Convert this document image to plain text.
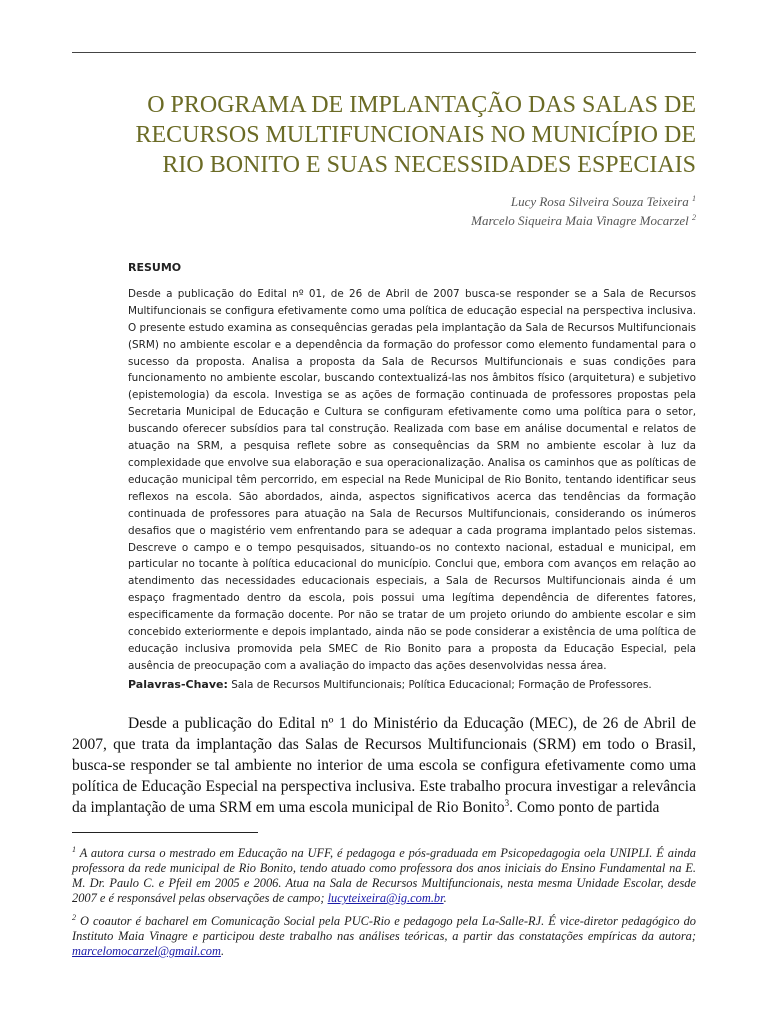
O PROGRAMA DE IMPLANTAÇÃO DAS SALAS DE
RECURSOS MULTIFUNCIONAIS NO MUNICÍPIO DE
RIO BONITO E SUAS NECESSIDADES ESPECIAIS
Lucy Rosa Silveira Souza Teixeira $^1$
Marcelo Siqueira Maia Vinagre Mocarzel $^2$

RESUMO

Desde a publicação do Edital nº 01, de 26 de Abril de 2007 busca-se responder se a Sala de Recursos Multifuncionais se configura efetivamente como uma política de educação especial na perspectiva inclusiva. O presente estudo examina as consequências geradas pela implantação da Sala de Recursos Multifuncionais (SRM) no ambiente escolar e a dependência da formação do professor como elemento fundamental para o sucesso da proposta. Analisa a proposta da Sala de Recursos Multifuncionais e suas condições para funcionamento no ambiente escolar, buscando contextualizá-las nos âmbitos físico (arquitetura) e subjetivo (epistemologia) da escola. Investiga se as ações de formação continuada de professores propostas pela Secretaria Municipal de Educação e Cultura se configuram efetivamente como uma política para o setor, buscando oferecer subsídios para tal construção. Realizada com base em análise documental e relatos de atuação na SRM, a pesquisa reflete sobre as consequências da SRM no ambiente escolar à luz da complexidade que envolve sua elaboração e sua operacionalização. Analisa os caminhos que as políticas de educação municipal têm percorrido, em especial na Rede Municipal de Rio Bonito, tentando identificar seus reflexos na escola. São abordados, ainda, aspectos significativos acerca das tendências da formação continuada de professores para atuação na Sala de Recursos Multifuncionais, considerando os inúmeros desafios que o magistério vem enfrentando para se adequar a cada programa implantado pelos sistemas. Descreve o campo e o tempo pesquisados, situando-os no contexto nacional, estadual e municipal, em particular no tocante à política educacional do município. Conclui que, embora com avanços em relação ao atendimento das necessidades educacionais especiais, a Sala de Recursos Multifuncionais ainda é um espaço fragmentado dentro da escola, pois possui uma legítima dependência de diferentes fatores, especificamente da formação docente. Por não se tratar de um projeto oriundo do ambiente escolar e sim concebido exteriormente e depois implantado, ainda não se pode considerar a existência de uma política de educação inclusiva promovida pela SMEC de Rio Bonito para a proposta da Educação Especial, pela ausência de preocupação com a avaliação do impacto das ações desenvolvidas nessa área.

Palavras-Chave: Sala de Recursos Multifuncionais; Política Educacional; Formação de Professores.

Desde a publicação do Edital nº 1 do Ministério da Educação (MEC), de 26 de Abril de 2007, que trata da implantação das Salas de Recursos Multifuncionais (SRM) em todo o Brasil, busca-se responder se tal ambiente no interior de uma escola se configura efetivamente como uma política de Educação Especial na perspectiva inclusiva. Este trabalho procura investigar a relevância da implantação de uma SRM em uma escola municipal de Rio Bonito$^3$. Como ponto de partida

$^1$ A autora cursa o mestrado em Educação na UFF, é pedagoga e pós-graduada em Psicopedagogia oela UNIPLI. É ainda professora da rede municipal de Rio Bonito, tendo atuado como professora dos anos iniciais do Ensino Fundamental na E. M. Dr. Paulo C. e Pfeil em 2005 e 2006. Atua na Sala de Recursos Multifuncionais, nesta mesma Unidade Escolar, desde 2007 e é responsável pelas observações de campo; lucyteixeira@ig.com.br.

$^2$ O coautor é bacharel em Comunicação Social pela PUC-Rio e pedagogo pela La-Salle-RJ. É vice-diretor pedagógico do Instituto Maia Vinagre e participou deste trabalho nas análises teóricas, a partir das constatações empíricas da autora; marcelomocarzel@gmail.com.
